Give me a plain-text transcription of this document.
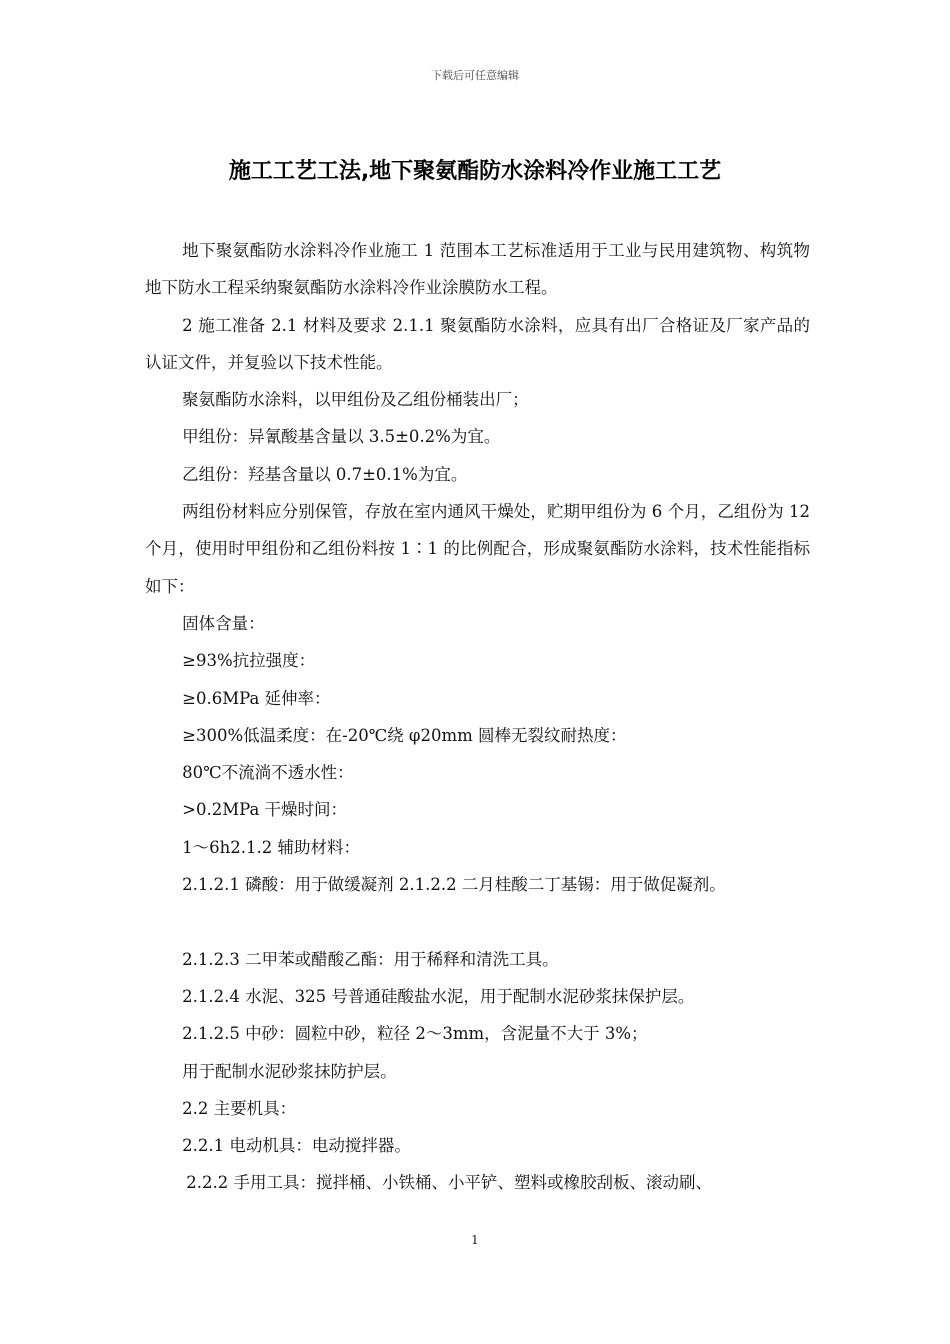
下载后可任意编辑
施工工艺工法,地下聚氨酯防水涂料冷作业施工工艺

地下聚氨酯防水涂料冷作业施工 1 范围本工艺标准适用于工业与民用建筑物、构筑物地下防水工程采纳聚氨酯防水涂料冷作业涂膜防水工程。

2 施工准备 2.1 材料及要求 2.1.1 聚氨酯防水涂料，应具有出厂合格证及厂家产品的认证文件，并复验以下技术性能。

聚氨酯防水涂料，以甲组份及乙组份桶装出厂；

甲组份：异氰酸基含量以 3.5±0.2%为宜。

乙组份：羟基含量以 0.7±0.1%为宜。

两组份材料应分别保管，存放在室内通风干燥处，贮期甲组份为 6 个月，乙组份为 12 个月，使用时甲组份和乙组份料按 1∶1 的比例配合，形成聚氨酯防水涂料，技术性能指标如下：

固体含量：

≥93%抗拉强度：

≥0.6MPa 延伸率：

≥300%低温柔度：在-20℃绕 φ20mm 圆棒无裂纹耐热度：

80℃不流淌不透水性：

>0.2MPa 干燥时间：

1～6h2.1.2 辅助材料：

2.1.2.1 磷酸：用于做缓凝剂 2.1.2.2 二月桂酸二丁基锡：用于做促凝剂。

2.1.2.3 二甲苯或醋酸乙酯：用于稀释和清洗工具。

2.1.2.4 水泥、325 号普通硅酸盐水泥，用于配制水泥砂浆抹保护层。

2.1.2.5 中砂：圆粒中砂，粒径 2～3mm，含泥量不大于 3%；

用于配制水泥砂浆抹防护层。

2.2 主要机具：

2.2.1 电动机具：电动搅拌器。

2.2.2 手用工具：搅拌桶、小铁桶、小平铲、塑料或橡胶刮板、滚动刷、

1
